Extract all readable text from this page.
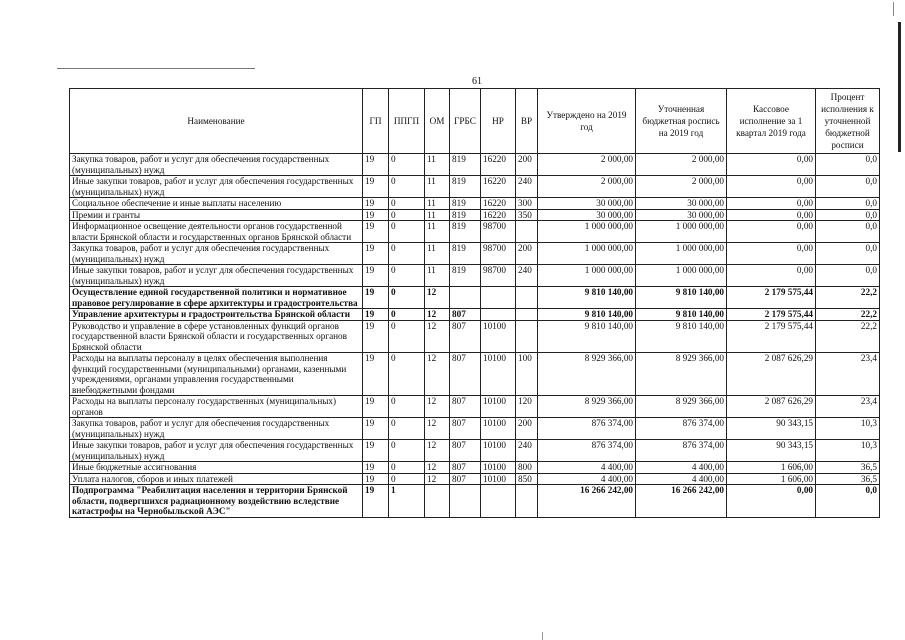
61
Наименование	ГП	ППГП	ОМ	ГРБС	НР	ВР	Утверждено на 2019 год	Уточненная бюджетная роспись на 2019 год	Кассовое исполнение за 1 квартал 2019 года	Процент исполнения к уточненной бюджетной росписи
Закупка товаров, работ и услуг для обеспечения государственных (муниципальных) нужд	19	0	11	819	16220	200	2 000,00	2 000,00	0,00	0,0
Иные закупки товаров, работ и услуг для обеспечения государственных (муниципальных) нужд	19	0	11	819	16220	240	2 000,00	2 000,00	0,00	0,0
Социальное обеспечение и иные выплаты населению	19	0	11	819	16220	300	30 000,00	30 000,00	0,00	0,0
Премии и гранты	19	0	11	819	16220	350	30 000,00	30 000,00	0,00	0,0
Информационное освещение деятельности органов государственной власти Брянской области и государственных органов Брянской области	19	0	11	819	98700		1 000 000,00	1 000 000,00	0,00	0,0
Закупка товаров, работ и услуг для обеспечения государственных (муниципальных) нужд	19	0	11	819	98700	200	1 000 000,00	1 000 000,00	0,00	0,0
Иные закупки товаров, работ и услуг для обеспечения государственных (муниципальных) нужд	19	0	11	819	98700	240	1 000 000,00	1 000 000,00	0,00	0,0
Осуществление единой государственной политики и нормативное правовое регулирование в сфере архитектуры и градостроительства	19	0	12				9 810 140,00	9 810 140,00	2 179 575,44	22,2
Управление архитектуры и градостроительства Брянской области	19	0	12	807			9 810 140,00	9 810 140,00	2 179 575,44	22,2
Руководство и управление в сфере установленных функций органов государственной власти Брянской области и государственных органов Брянской области	19	0	12	807	10100		9 810 140,00	9 810 140,00	2 179 575,44	22,2
Расходы на выплаты персоналу в целях обеспечения выполнения функций государственными (муниципальными) органами, казенными учреждениями, органами управления государственными внебюджетными фондами	19	0	12	807	10100	100	8 929 366,00	8 929 366,00	2 087 626,29	23,4
Расходы на выплаты персоналу государственных (муниципальных) органов	19	0	12	807	10100	120	8 929 366,00	8 929 366,00	2 087 626,29	23,4
Закупка товаров, работ и услуг для обеспечения государственных (муниципальных) нужд	19	0	12	807	10100	200	876 374,00	876 374,00	90 343,15	10,3
Иные закупки товаров, работ и услуг для обеспечения государственных (муниципальных) нужд	19	0	12	807	10100	240	876 374,00	876 374,00	90 343,15	10,3
Иные бюджетные ассигнования	19	0	12	807	10100	800	4 400,00	4 400,00	1 606,00	36,5
Уплата налогов, сборов и иных платежей	19	0	12	807	10100	850	4 400,00	4 400,00	1 606,00	36,5
Подпрограмма "Реабилитация населения и территории Брянской области, подвергшихся радиационному воздействию вследствие катастрофы на Чернобыльской АЭС"	19	1					16 266 242,00	16 266 242,00	0,00	0,0
